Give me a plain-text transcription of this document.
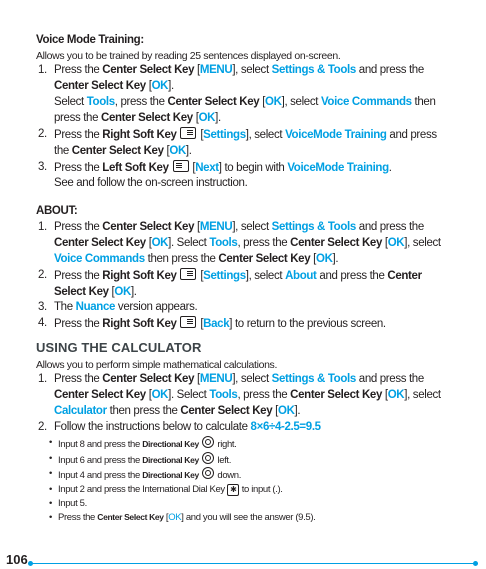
Voice Mode Training:
Allows you to be trained by reading 25 sentences displayed on-screen.
1. Press the Center Select Key [MENU], select Settings & Tools and press the
Center Select Key [OK].
Select Tools, press the Center Select Key [OK], select Voice Commands then
press the Center Select Key [OK].
2. Press the Right Soft Key  [Settings], select VoiceMode Training and press
the Center Select Key [OK].
3. Press the Left Soft Key  [Next] to begin with VoiceMode Training.
See and follow the on-screen instruction.
ABOUT:
1. Press the Center Select Key [MENU], select Settings & Tools and press the
Center Select Key [OK]. Select Tools, press the Center Select Key [OK], select
Voice Commands then press the Center Select Key [OK].
2. Press the Right Soft Key  [Settings], select About and press the Center
Select Key [OK].
3. The Nuance version appears.
4. Press the Right Soft Key  [Back] to return to the previous screen.
USING THE CALCULATOR

Allows you to perform simple mathematical calculations.
1. Press the Center Select Key [MENU], select Settings & Tools and press the
Center Select Key [OK]. Select Tools, press the Center Select Key [OK], select
Calculator then press the Center Select Key [OK].
2. Follow the instructions below to calculate 8×6÷4-2.5=9.5
• Input 8 and press the Directional Key  right.
• Input 6 and press the Directional Key  left.
• Input 4 and press the Directional Key  down.
• Input 2 and press the International Dial Key ✱ to input (.).
• Input 5.
• Press the Center Select Key [OK] and you will see the answer (9.5).
106
